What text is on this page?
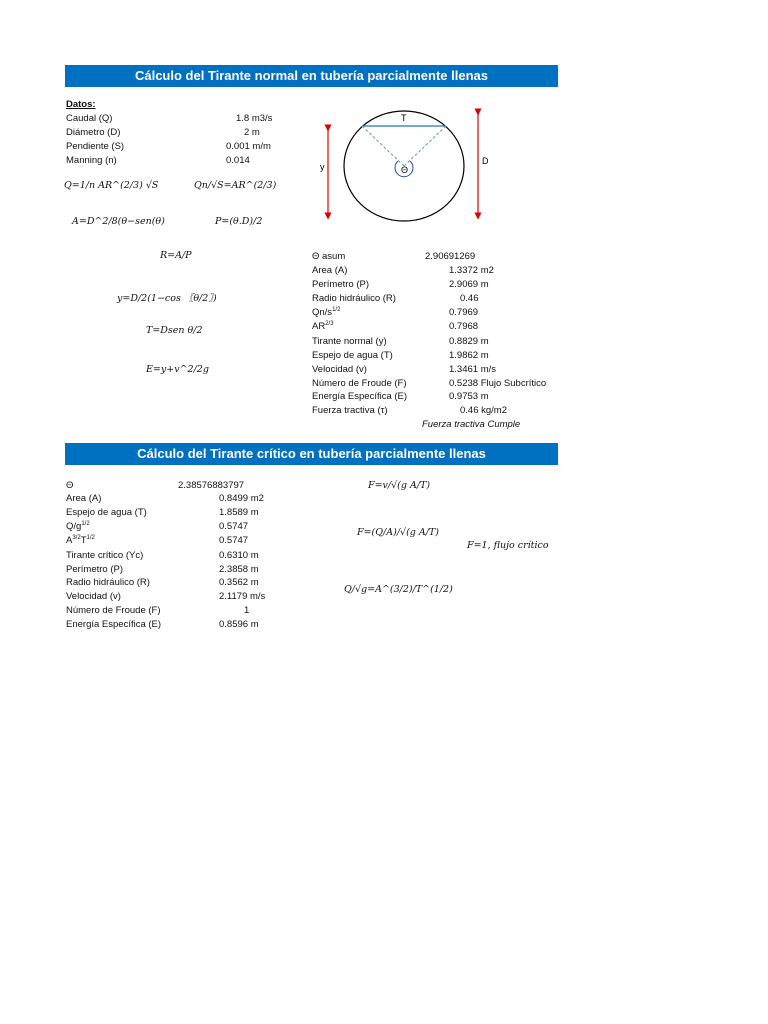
Cálculo del Tirante normal en tubería parcialmente llenas
Datos:
Caudal (Q)	1.8 m3/s
Diámetro (D)	2 m
Pendiente (S)	0.001 m/m
Manning (n)	0.014
Q=1/n AR^(2/3) √S	Qn/√S=AR^(2/3)
A=D^2/8(θ−sen(θ)	P=(θ.D)/2
R=A/P
y=D/2(1−cos 〖θ/2〗)
T=Dsen θ/2
E=y+v^2/2g
T
D
y	Θ
Θ asum	2.90691269
Area (A)	1.3372 m2
Perímetro (P)	2.9069 m
Radio hidráulico (R)	0.46
$Qn/s^{1/2}$	0.7969
$AR^{2/3}$	0.7968
Tirante normal (y)	0.8829 m
Espejo de agua (T)	1.9862 m
Velocidad (v)	1.3461 m/s
Número de Froude (F)	0.5238 Flujo Subcrítico
Energía Específica (E)	0.9753 m
Fuerza tractiva (τ)	0.46 kg/m2
Fuerza tractiva Cumple
Cálculo del Tirante crítico en tubería parcialmente llenas
Θ	2.38576883797
Area (A)	0.8499 m2
Espejo de agua (T)	1.8589 m
$Q/g^{1/2}$	0.5747
$A^{3/2}T^{1/2}$	0.5747
Tirante crítico (Yc)	0.6310 m
Perímetro (P)	2.3858 m
Radio hidráulico (R)	0.3562 m
Velocidad (v)	2.1179 m/s
Número de Froude (F)	1
Energía Específica (E)	0.8596 m
F=v/√(g A/T)
F=(Q/A)/√(g A/T)
F=1, flujo crítico
Q/√g=A^(3/2)/T^(1/2)
